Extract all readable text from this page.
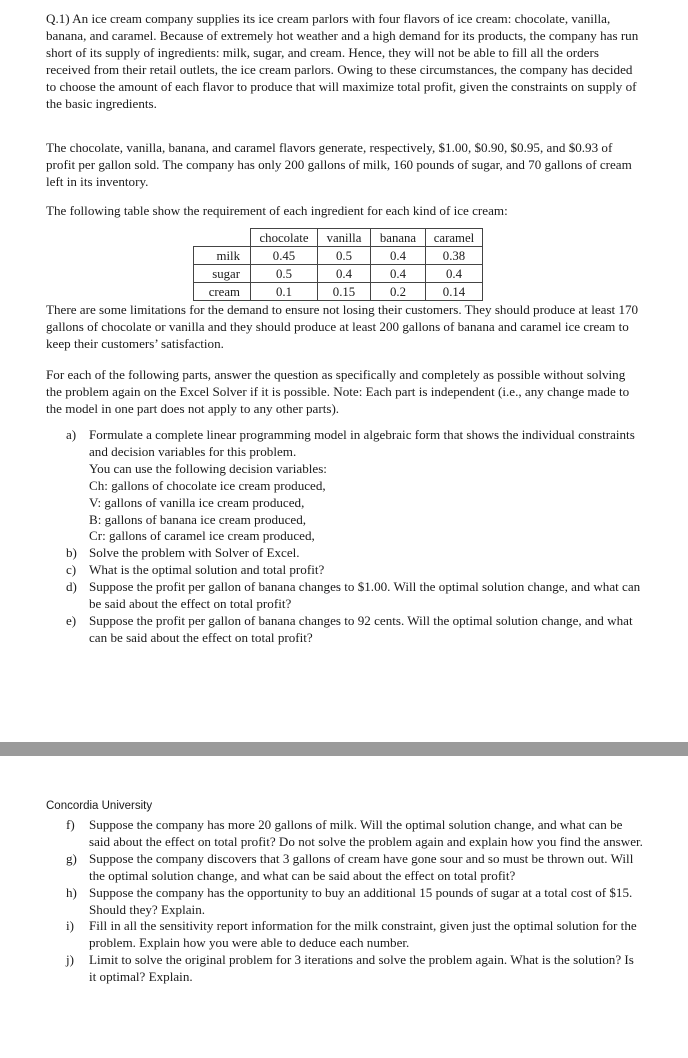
Q.1) An ice cream company supplies its ice cream parlors with four flavors of ice cream: chocolate, vanilla, banana, and caramel. Because of extremely hot weather and a high demand for its products, the company has run short of its supply of ingredients: milk, sugar, and cream. Hence, they will not be able to fill all the orders received from their retail outlets, the ice cream parlors. Owing to these circumstances, the company has decided to choose the amount of each flavor to produce that will maximize total profit, given the constraints on supply of the basic ingredients.

The chocolate, vanilla, banana, and caramel flavors generate, respectively, $1.00, $0.90, $0.95, and $0.93 of profit per gallon sold. The company has only 200 gallons of milk, 160 pounds of sugar, and 70 gallons of cream left in its inventory.

The following table show the requirement of each ingredient for each kind of ice cream:

	chocolate	vanilla	banana	caramel
milk	0.45	0.5	0.4	0.38
sugar	0.5	0.4	0.4	0.4
cream	0.1	0.15	0.2	0.14

There are some limitations for the demand to ensure not losing their customers. They should produce at least 170 gallons of chocolate or vanilla and they should produce at least 200 gallons of banana and caramel ice cream to keep their customers’ satisfaction.

For each of the following parts, answer the question as specifically and completely as possible without solving the problem again on the Excel Solver if it is possible. Note: Each part is independent (i.e., any change made to the model in one part does not apply to any other parts).

a) Formulate a complete linear programming model in algebraic form that shows the individual constraints and decision variables for this problem.
You can use the following decision variables:
Ch: gallons of chocolate ice cream produced,
V: gallons of vanilla ice cream produced,
B: gallons of banana ice cream produced,
Cr: gallons of caramel ice cream produced,
b) Solve the problem with Solver of Excel.
c) What is the optimal solution and total profit?
d) Suppose the profit per gallon of banana changes to $1.00. Will the optimal solution change, and what can be said about the effect on total profit?
e) Suppose the profit per gallon of banana changes to 92 cents. Will the optimal solution change, and what can be said about the effect on total profit?
Concordia University
f)	Suppose the company has more 20 gallons of milk. Will the optimal solution change, and what can be said about the effect on total profit? Do not solve the problem again and explain how you find the answer.
g) Suppose the company discovers that 3 gallons of cream have gone sour and so must be thrown out. Will the optimal solution change, and what can be said about the effect on total profit?
h) Suppose the company has the opportunity to buy an additional 15 pounds of sugar at a total cost of $15. Should they? Explain.
i)	Fill in all the sensitivity report information for the milk constraint, given just the optimal solution for the problem. Explain how you were able to deduce each number.
j)	Limit to solve the original problem for 3 iterations and solve the problem again. What is the solution? Is it optimal? Explain.
